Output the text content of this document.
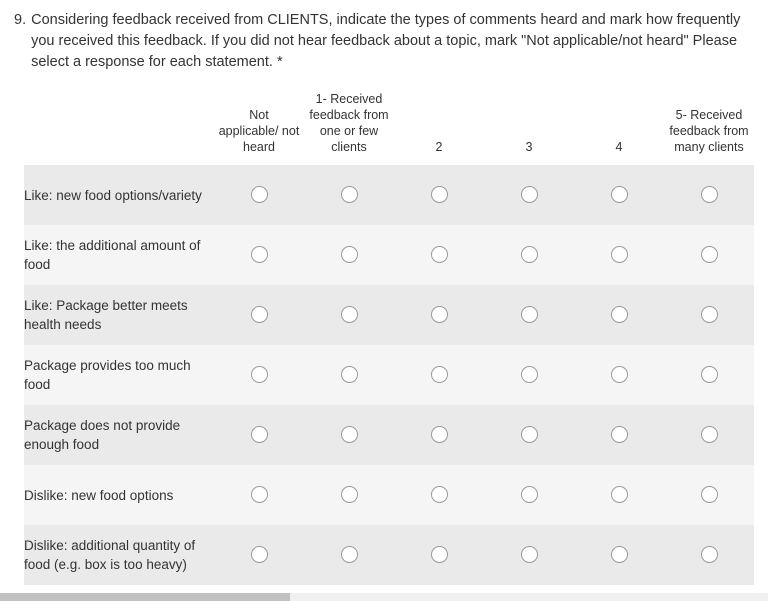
9. Considering feedback received from CLIENTS, indicate the types of comments heard and mark how frequently you received this feedback. If you did not hear feedback about a topic, mark "Not applicable/not heard" Please select a response for each statement. *
	Not applicable/ not heard	1- Received feedback from one or few clients	2	3	4	5- Received feedback from many clients
Like: new food options/variety						
Like: the additional amount of food						
Like: Package better meets health needs						
Package provides too much food						
Package does not provide enough food						
Dislike: new food options						
Dislike: additional quantity of food (e.g. box is too heavy)						
